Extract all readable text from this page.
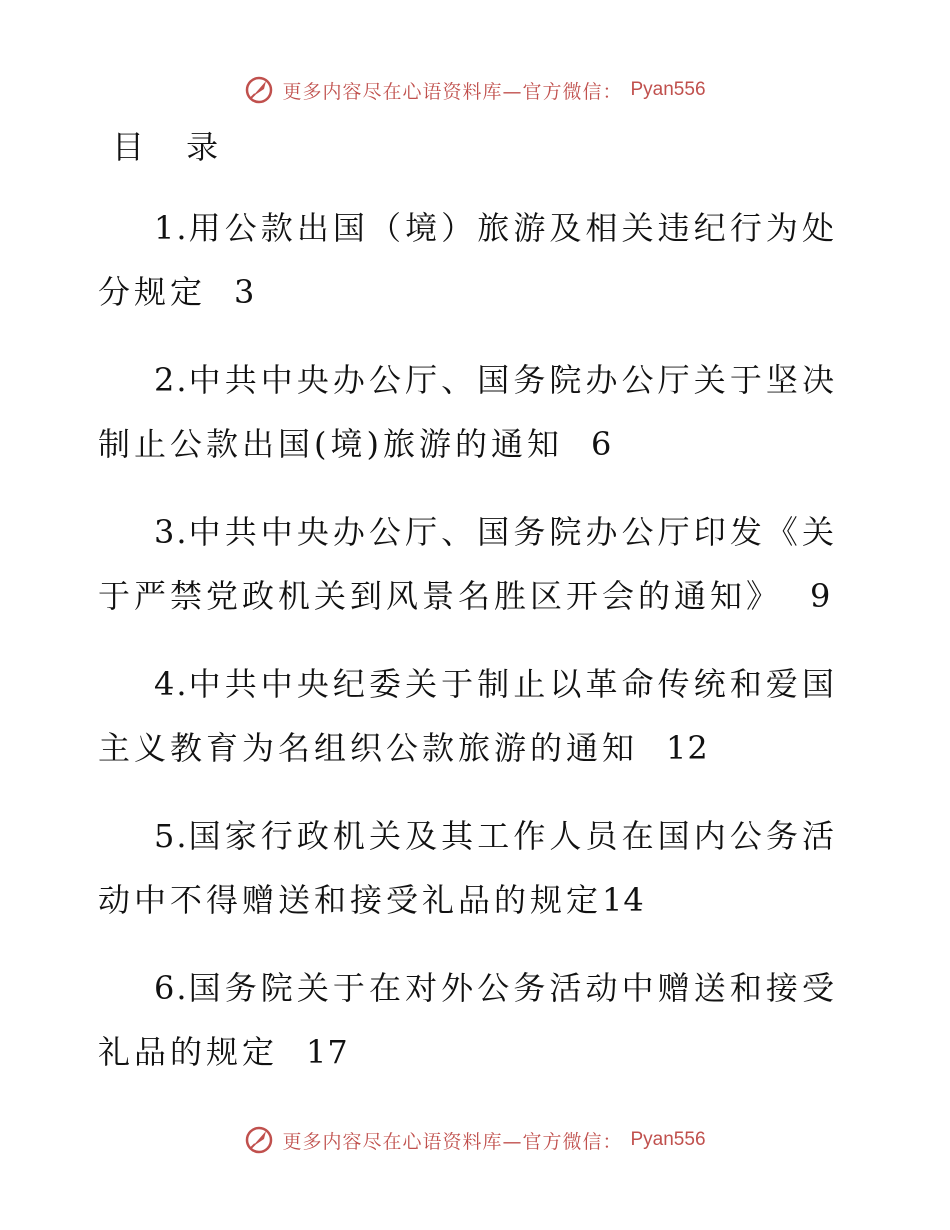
更多内容尽在心语资料库—官方微信： Pyan556
目 录

1.用公款出国（境）旅游及相关违纪行为处分规定 3

2.中共中央办公厅、国务院办公厅关于坚决制止公款出国(境)旅游的通知 6

3.中共中央办公厅、国务院办公厅印发《关于严禁党政机关到风景名胜区开会的通知》 9

4.中共中央纪委关于制止以革命传统和爱国主义教育为名组织公款旅游的通知 12

5.国家行政机关及其工作人员在国内公务活动中不得赠送和接受礼品的规定14

6.国务院关于在对外公务活动中赠送和接受礼品的规定 17

更多内容尽在心语资料库—官方微信： Pyan556
